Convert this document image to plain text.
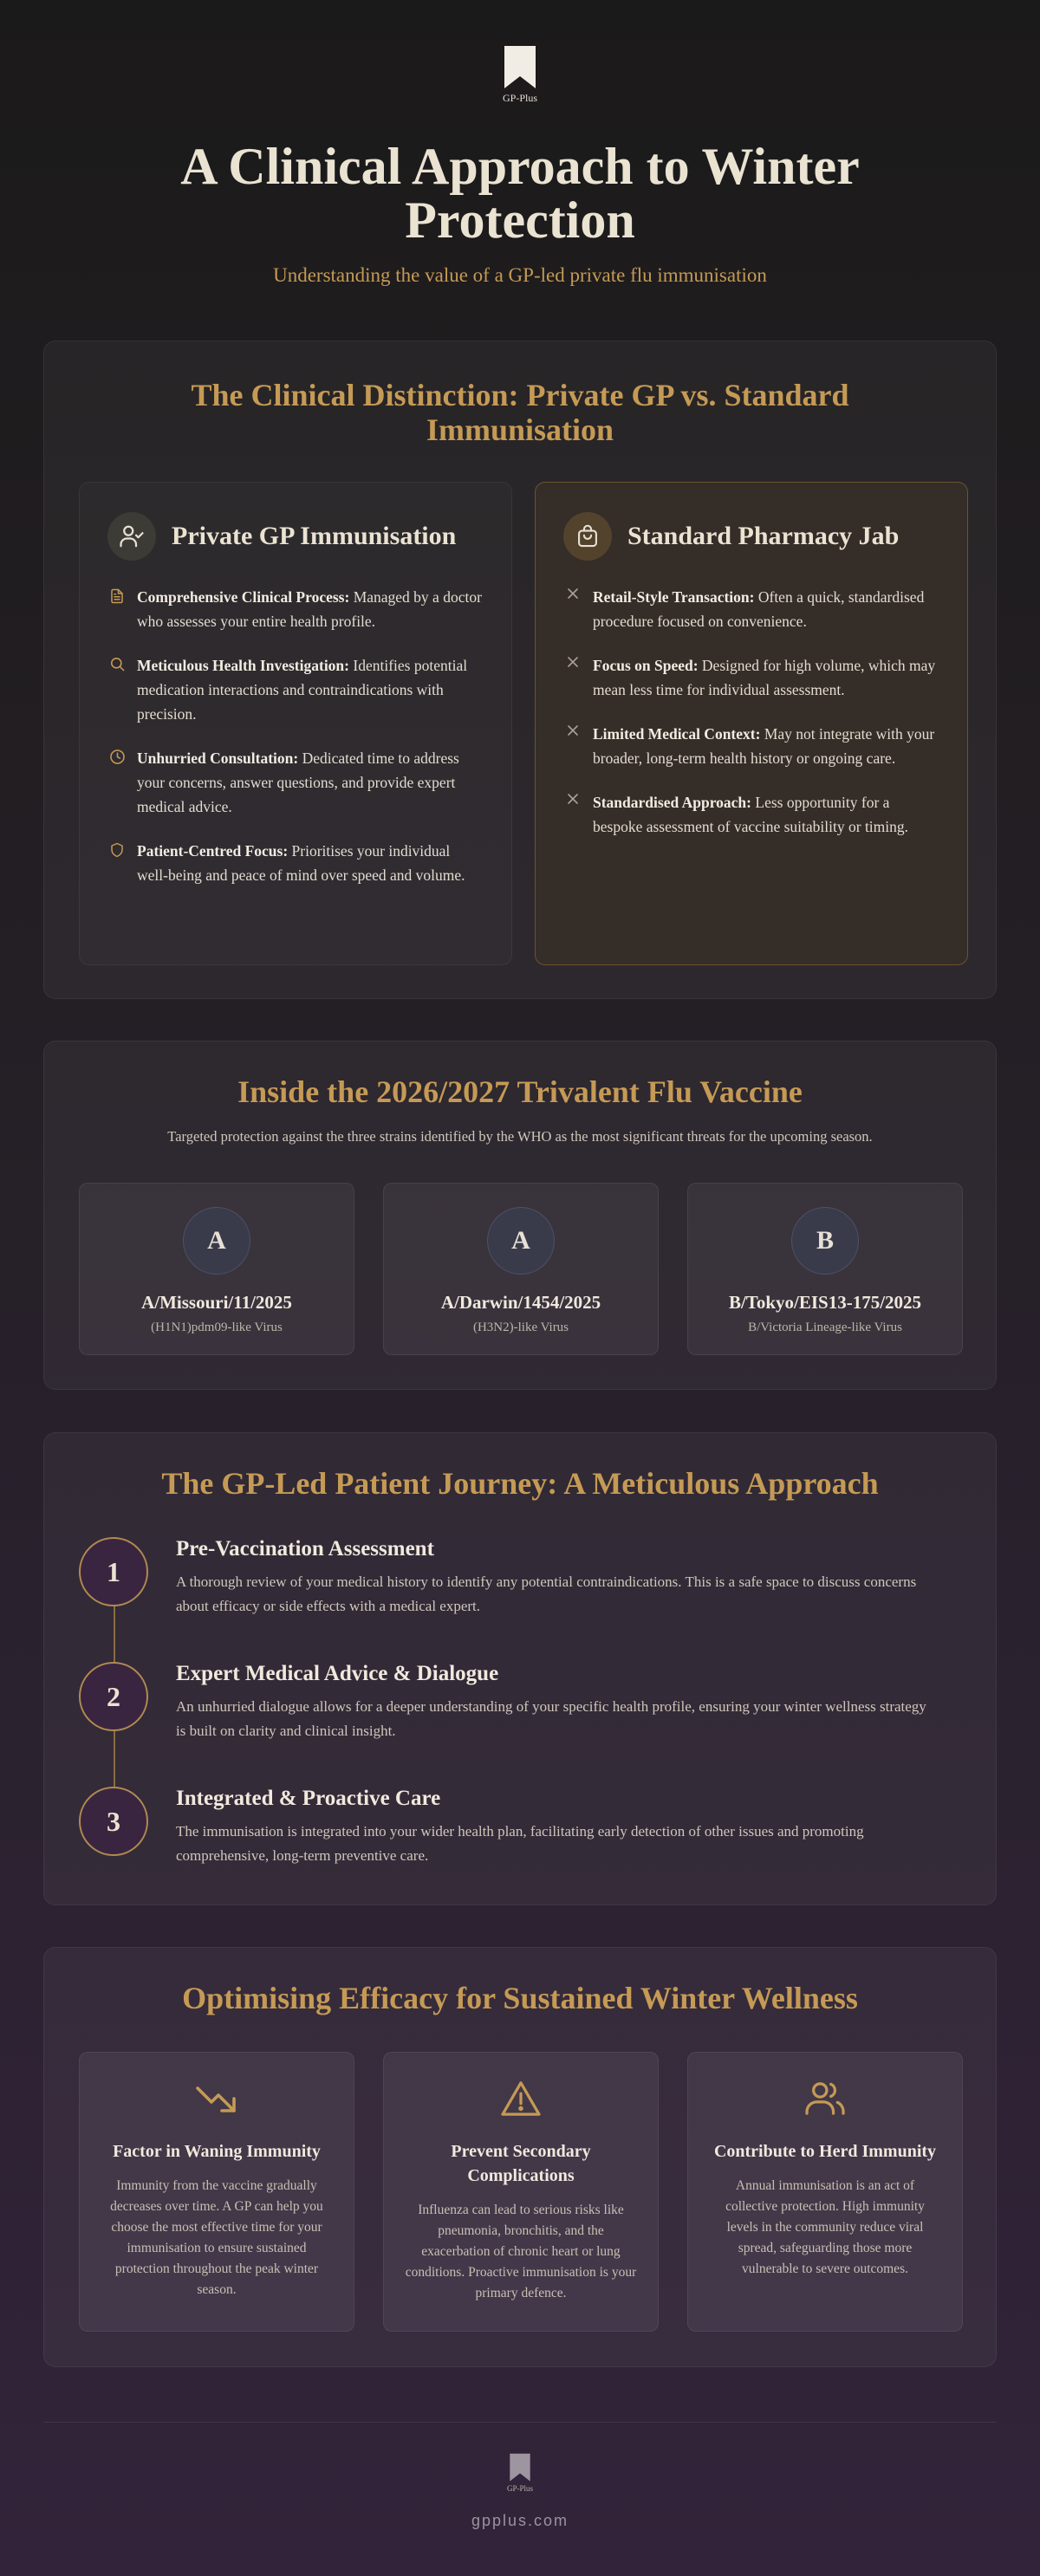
GP-Plus
A Clinical Approach to Winter Protection
Understanding the value of a GP-led private flu immunisation
The Clinical Distinction: Private GP vs. Standard Immunisation
Private GP Immunisation
Comprehensive Clinical Process: Managed by a doctor who assesses your entire health profile.
Meticulous Health Investigation: Identifies potential medication interactions and contraindications with precision.
Unhurried Consultation: Dedicated time to address your concerns, answer questions, and provide expert medical advice.
Patient-Centred Focus: Prioritises your individual well-being and peace of mind over speed and volume.
Standard Pharmacy Jab
Retail-Style Transaction: Often a quick, standardised procedure focused on convenience.
Focus on Speed: Designed for high volume, which may mean less time for individual assessment.
Limited Medical Context: May not integrate with your broader, long-term health history or ongoing care.
Standardised Approach: Less opportunity for a bespoke assessment of vaccine suitability or timing.
Inside the 2026/2027 Trivalent Flu Vaccine

Targeted protection against the three strains identified by the WHO as the most significant threats for the upcoming season.

A
A/Missouri/11/2025
(H1N1)pdm09-like Virus
A
A/Darwin/1454/2025
(H3N2)-like Virus
B
B/Tokyo/EIS13-175/2025
B/Victoria Lineage-like Virus
The GP-Led Patient Journey: A Meticulous Approach
1
Pre-Vaccination Assessment
A thorough review of your medical history to identify any potential contraindications. This is a safe space to discuss concerns about efficacy or side effects with a medical expert.
2
Expert Medical Advice & Dialogue
An unhurried dialogue allows for a deeper understanding of your specific health profile, ensuring your winter wellness strategy is built on clarity and clinical insight.
3
Integrated & Proactive Care
The immunisation is integrated into your wider health plan, facilitating early detection of other issues and promoting comprehensive, long-term preventive care.
Optimising Efficacy for Sustained Winter Wellness
Factor in Waning Immunity
Immunity from the vaccine gradually decreases over time. A GP can help you choose the most effective time for your immunisation to ensure sustained protection throughout the peak winter season.
Prevent Secondary Complications
Influenza can lead to serious risks like pneumonia, bronchitis, and the exacerbation of chronic heart or lung conditions. Proactive immunisation is your primary defence.
Contribute to Herd Immunity
Annual immunisation is an act of collective protection. High immunity levels in the community reduce viral spread, safeguarding those more vulnerable to severe outcomes.
GP-Plus
gpplus.com
